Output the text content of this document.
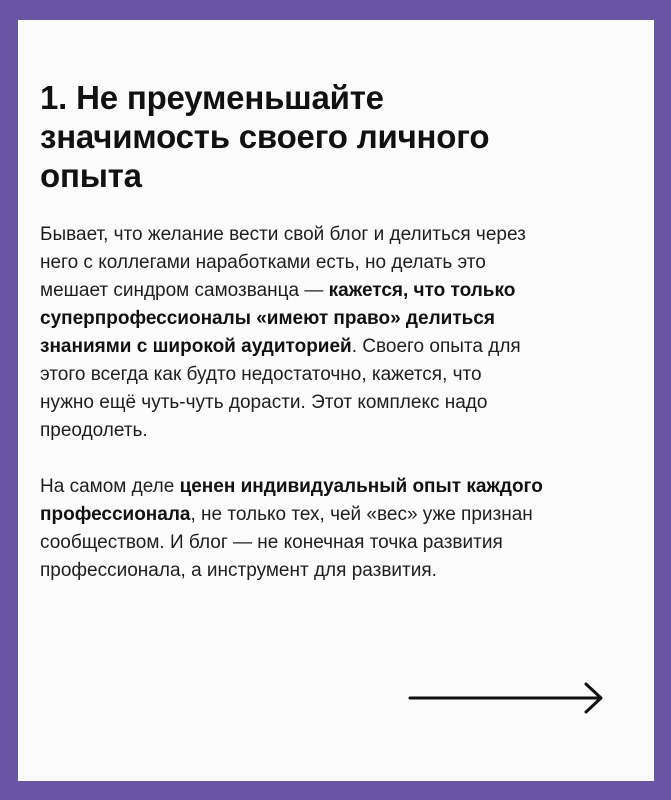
1. Не преуменьшайте
значимость своего личного
опыта

Бывает, что желание вести свой блог и делиться через
него с коллегами наработками есть, но делать это
мешает синдром самозванца — кажется, что только
суперпрофессионалы «имеют право» делиться
знаниями с широкой аудиторией. Своего опыта для
этого всегда как будто недостаточно, кажется, что
нужно ещё чуть-чуть дорасти. Этот комплекс надо
преодолеть.

На самом деле ценен индивидуальный опыт каждого
профессионала, не только тех, чей «вес» уже признан
сообществом. И блог — не конечная точка развития
профессионала, а инструмент для развития.
